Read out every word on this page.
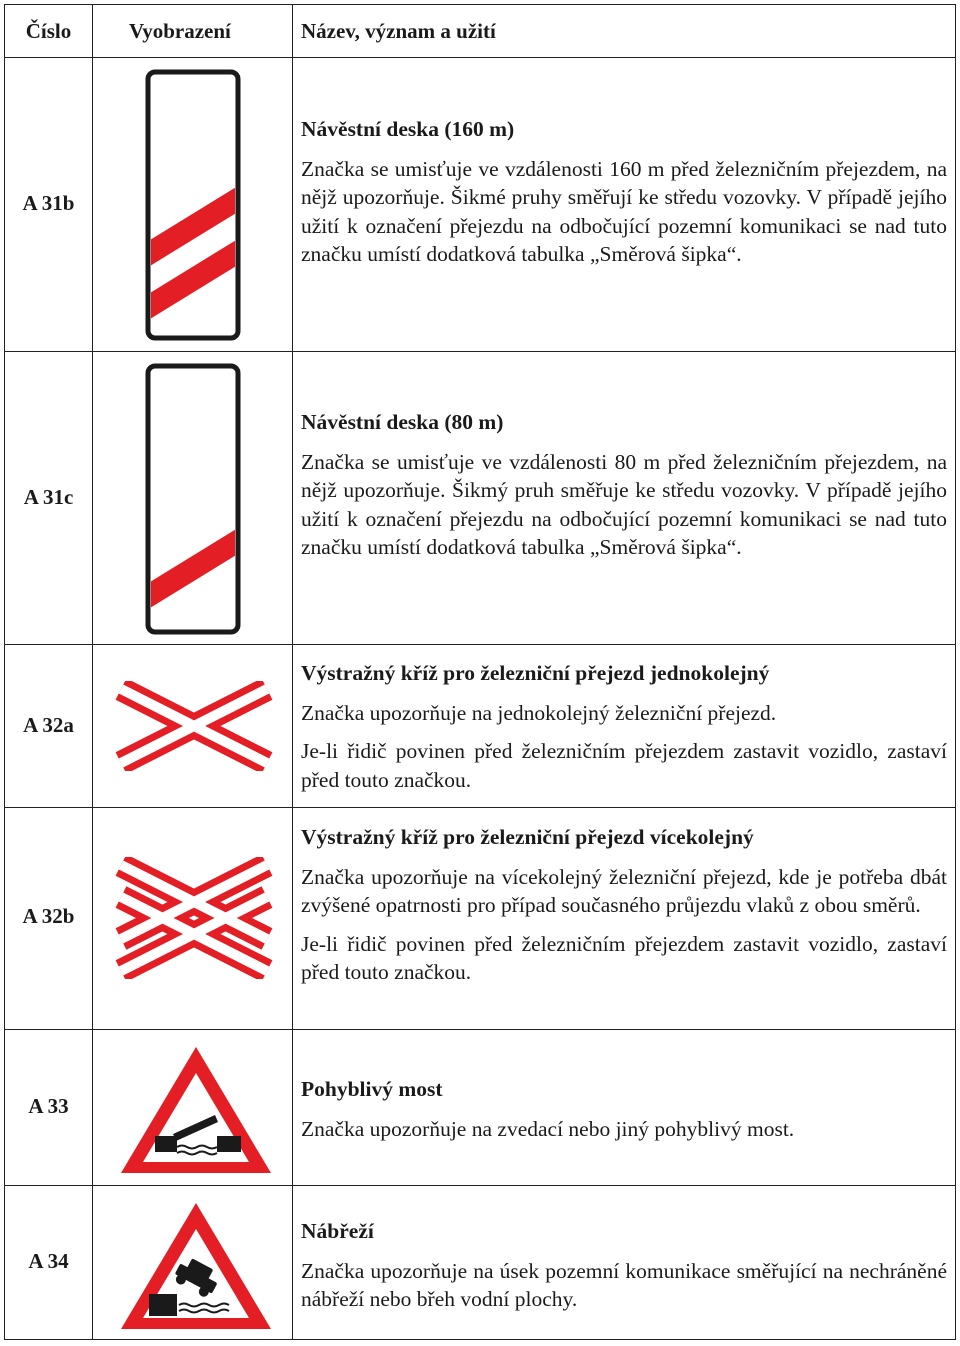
Číslo	Vyobrazení	Název, význam a užití
A 31b
Návěstní deska (160 m)
Značka se umisťuje ve vzdálenosti 160 m před železničním přejezdem, na nějž upozorňuje. Šikmé pruhy směřují ke středu vozovky. V případě jejího užití k označení přejezdu na odbočující pozemní komunikaci se nad tuto značku umístí dodatková tabulka „Směrová šipka“.
A 31c
Návěstní deska (80 m)
Značka se umisťuje ve vzdálenosti 80 m před železničním přejezdem, na nějž upozorňuje. Šikmý pruh směřuje ke středu vozovky. V případě jejího užití k označení přejezdu na odbočující pozemní komunikaci se nad tuto značku umístí dodatková tabulka „Směrová šipka“.
A 32a
Výstražný kříž pro železniční přejezd jednokolejný
Značka upozorňuje na jednokolejný železniční přejezd.
Je-li řidič povinen před železničním přejezdem zastavit vozidlo, zastaví před touto značkou.
A 32b
Výstražný kříž pro železniční přejezd vícekolejný
Značka upozorňuje na vícekolejný železniční přejezd, kde je potřeba dbát zvýšené opatrnosti pro případ současného průjezdu vlaků z obou směrů.
Je-li řidič povinen před železničním přejezdem zastavit vozidlo, zastaví před touto značkou.
A 33
Pohyblivý most
Značka upozorňuje na zvedací nebo jiný pohyblivý most.
A 34
Nábřeží
Značka upozorňuje na úsek pozemní komunikace směřující na nechráněné nábřeží nebo břeh vodní plochy.
